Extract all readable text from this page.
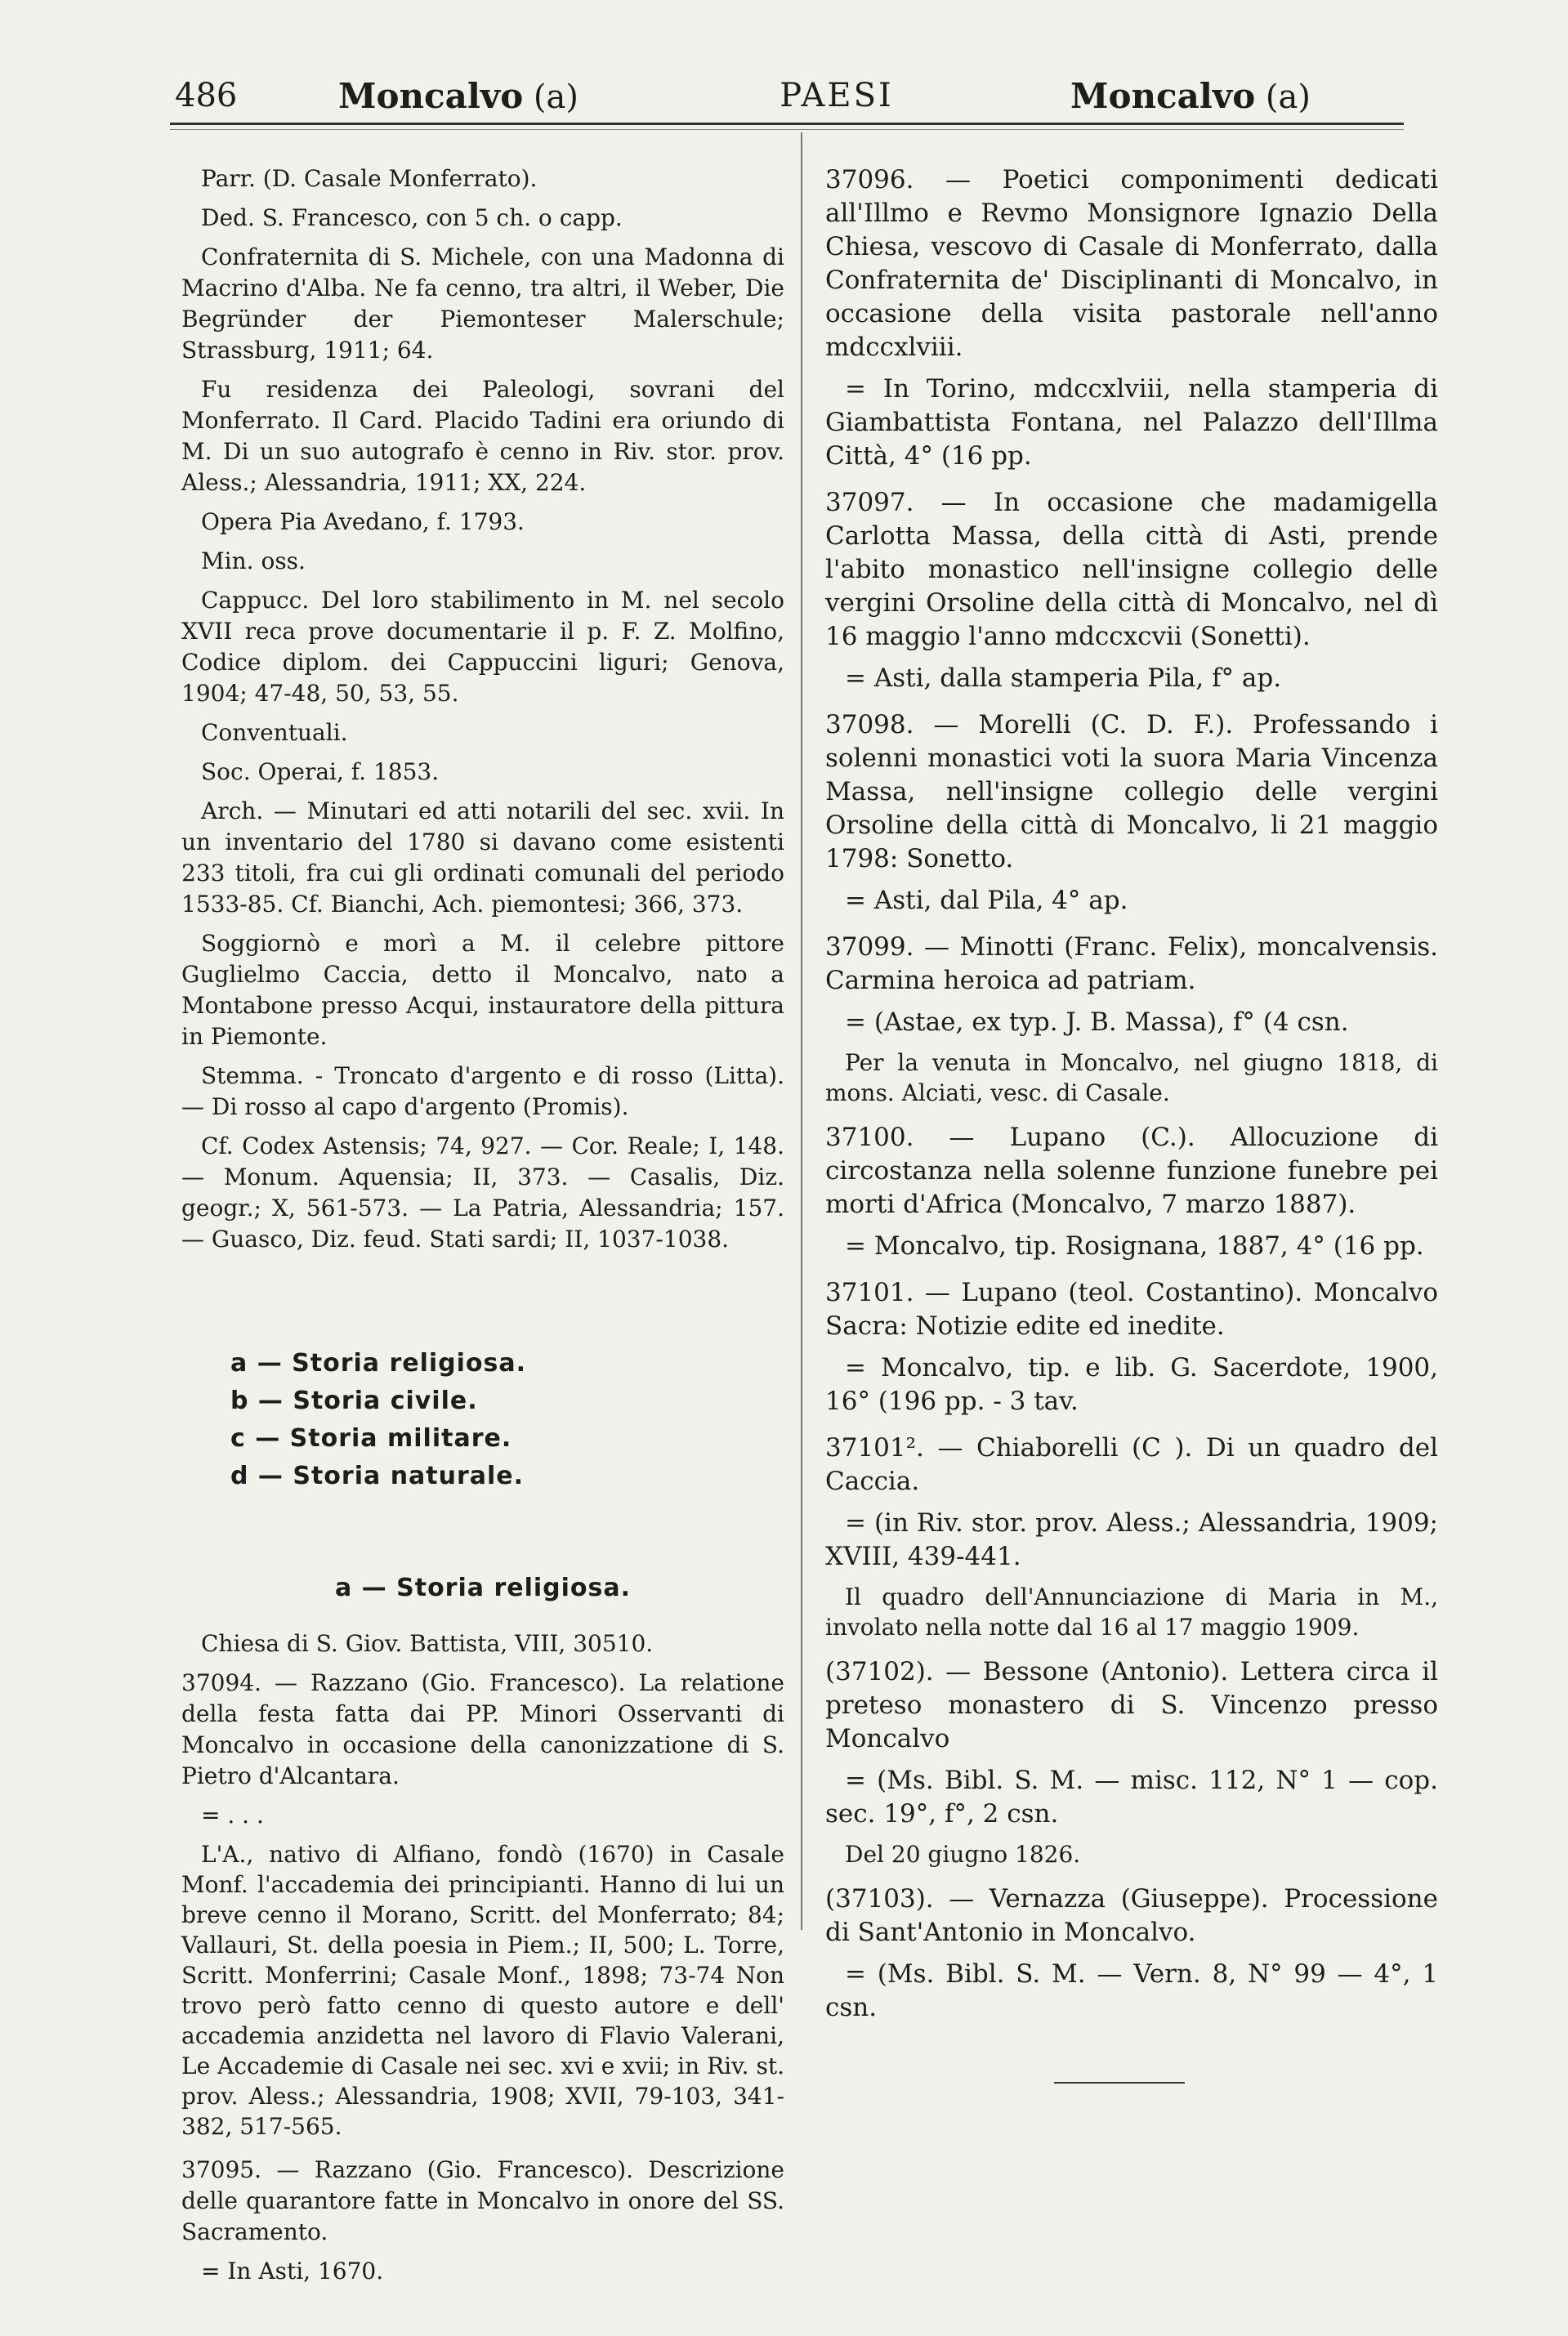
486	Moncalvo (a)	PAESI	Moncalvo (a)

Parr. (D. Casale Monferrato).

Ded. S. Francesco, con 5 ch. o capp.

Confraternita di S. Michele, con una Madonna di Macrino d'Alba. Ne fa cenno, tra altri, il Weber, Die Begründer der Piemonteser Malerschule; Strassburg, 1911; 64.

Fu residenza dei Paleologi, sovrani del Monferrato. Il Card. Placido Tadini era oriundo di M. Di un suo autografo è cenno in Riv. stor. prov. Aless.; Alessandria, 1911; XX, 224.

Opera Pia Avedano, f. 1793.

Min. oss.

Cappucc. Del loro stabilimento in M. nel secolo XVII reca prove documentarie il p. F. Z. Molfino, Codice diplom. dei Cappuccini liguri; Genova, 1904; 47-48, 50, 53, 55.

Conventuali.

Soc. Operai, f. 1853.

Arch. — Minutari ed atti notarili del sec. xvii. In un inventario del 1780 si davano come esistenti 233 titoli, fra cui gli ordinati comunali del periodo 1533-85. Cf. Bianchi, Ach. piemontesi; 366, 373.

Soggiornò e morì a M. il celebre pittore Guglielmo Caccia, detto il Moncalvo, nato a Montabone presso Acqui, instauratore della pittura in Piemonte.

Stemma. - Troncato d'argento e di rosso (Litta). — Di rosso al capo d'argento (Promis).

Cf. Codex Astensis; 74, 927. — Cor. Reale; I, 148. — Monum. Aquensia; II, 373. — Casalis, Diz. geogr.; X, 561-573. — La Patria, Alessandria; 157. — Guasco, Diz. feud. Stati sardi; II, 1037-1038.

a — Storia religiosa.
b — Storia civile.
c — Storia militare.
d — Storia naturale.
a — Storia religiosa.

Chiesa di S. Giov. Battista, VIII, 30510.

37094. — Razzano (Gio. Francesco). La relatione della festa fatta dai PP. Minori Osservanti di Moncalvo in occasione della canonizzatione di S. Pietro d'Alcantara.

= . . .

L'A., nativo di Alfiano, fondò (1670) in Casale Monf. l'accademia dei principianti. Hanno di lui un breve cenno il Morano, Scritt. del Monferrato; 84; Vallauri, St. della poesia in Piem.; II, 500; L. Torre, Scritt. Monferrini; Casale Monf., 1898; 73-74 Non trovo però fatto cenno di questo autore e dell' accademia anzidetta nel lavoro di Flavio Valerani, Le Accademie di Casale nei sec. xvi e xvii; in Riv. st. prov. Aless.; Alessandria, 1908; XVII, 79-103, 341-382, 517-565.

37095. — Razzano (Gio. Francesco). Descrizione delle quarantore fatte in Moncalvo in onore del SS. Sacramento.

= In Asti, 1670.

37096. — Poetici componimenti dedicati all'Illmo e Revmo Monsignore Ignazio Della Chiesa, vescovo di Casale di Monferrato, dalla Confraternita de' Disciplinanti di Moncalvo, in occasione della visita pastorale nell'anno mdccxlviii.

= In Torino, mdccxlviii, nella stamperia di Giambattista Fontana, nel Palazzo dell'Illma Città, 4° (16 pp.

37097. — In occasione che madamigella Carlotta Massa, della città di Asti, prende l'abito monastico nell'insigne collegio delle vergini Orsoline della città di Moncalvo, nel dì 16 maggio l'anno mdccxcvii (Sonetti).

= Asti, dalla stamperia Pila, f° ap.

37098. — Morelli (C. D. F.). Professando i solenni monastici voti la suora Maria Vincenza Massa, nell'insigne collegio delle vergini Orsoline della città di Moncalvo, li 21 maggio 1798: Sonetto.

= Asti, dal Pila, 4° ap.

37099. — Minotti (Franc. Felix), moncalvensis. Carmina heroica ad patriam.

= (Astae, ex typ. J. B. Massa), f° (4 csn.

Per la venuta in Moncalvo, nel giugno 1818, di mons. Alciati, vesc. di Casale.

37100. — Lupano (C.). Allocuzione di circostanza nella solenne funzione funebre pei morti d'Africa (Moncalvo, 7 marzo 1887).

= Moncalvo, tip. Rosignana, 1887, 4° (16 pp.

37101. — Lupano (teol. Costantino). Moncalvo Sacra: Notizie edite ed inedite.

= Moncalvo, tip. e lib. G. Sacerdote, 1900, 16° (196 pp. - 3 tav.

37101². — Chiaborelli (C ). Di un quadro del Caccia.

= (in Riv. stor. prov. Aless.; Alessandria, 1909; XVIII, 439-441.

Il quadro dell'Annunciazione di Maria in M., involato nella notte dal 16 al 17 maggio 1909.

(37102). — Bessone (Antonio). Lettera circa il preteso monastero di S. Vincenzo presso Moncalvo

= (Ms. Bibl. S. M. — misc. 112, N° 1 — cop. sec. 19°, f°, 2 csn.

Del 20 giugno 1826.

(37103). — Vernazza (Giuseppe). Processione di Sant'Antonio in Moncalvo.

= (Ms. Bibl. S. M. — Vern. 8, N° 99 — 4°, 1 csn.
